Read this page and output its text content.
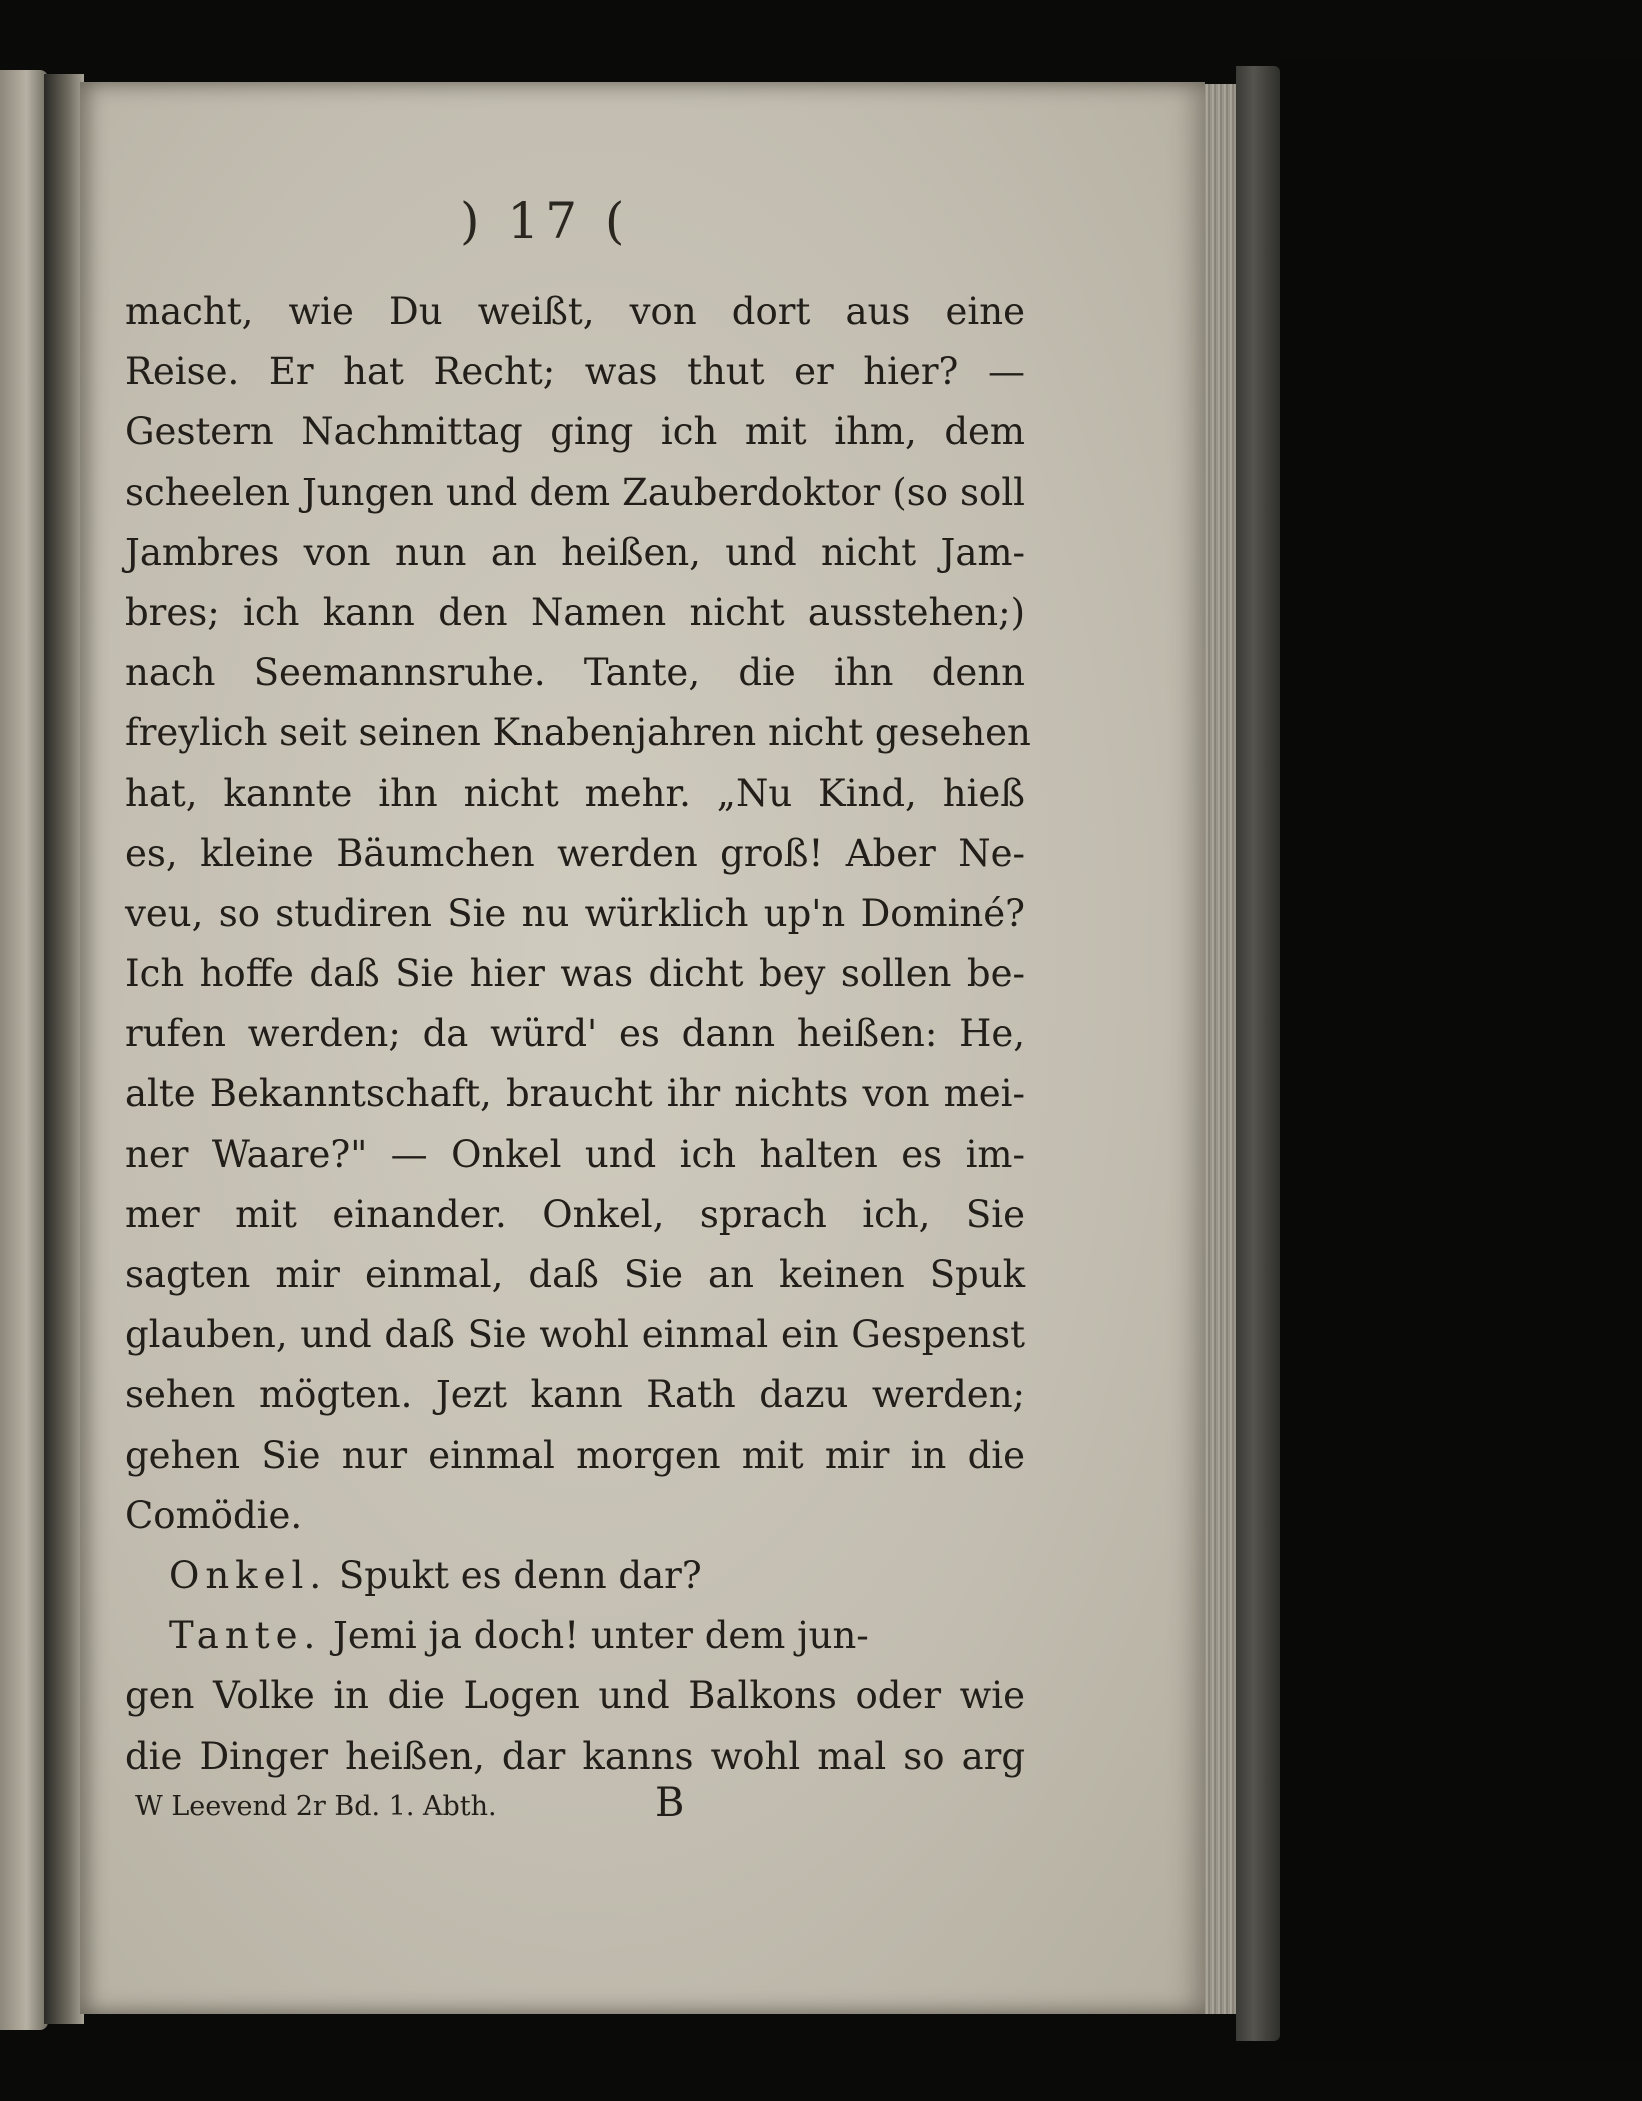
) 17 (
macht, wie Du weißt, von dort aus eine
Reise. Er hat Recht; was thut er hier? —
Gestern Nachmittag ging ich mit ihm, dem
scheelen Jungen und dem Zauberdoktor (so soll
Jambres von nun an heißen, und nicht Jam-
bres; ich kann den Namen nicht ausstehen;)
nach Seemannsruhe. Tante, die ihn denn
freylich seit seinen Knabenjahren nicht gesehen
hat, kannte ihn nicht mehr. „Nu Kind, hieß
es, kleine Bäumchen werden groß! Aber Ne-
veu, so studiren Sie nu würklich up'n Dominé?
Ich hoffe daß Sie hier was dicht bey sollen be-
rufen werden; da würd' es dann heißen: He,
alte Bekanntschaft, braucht ihr nichts von mei-
ner Waare?" — Onkel und ich halten es im-
mer mit einander. Onkel, sprach ich, Sie
sagten mir einmal, daß Sie an keinen Spuk
glauben, und daß Sie wohl einmal ein Gespenst
sehen mögten. Jezt kann Rath dazu werden;
gehen Sie nur einmal morgen mit mir in die
Comödie.
Onkel. Spukt es denn dar?
Tante. Jemi ja doch! unter dem jun-
gen Volke in die Logen und Balkons oder wie
die Dinger heißen, dar kanns wohl mal so arg
W Leevend 2r Bd. 1. Abth.	B
